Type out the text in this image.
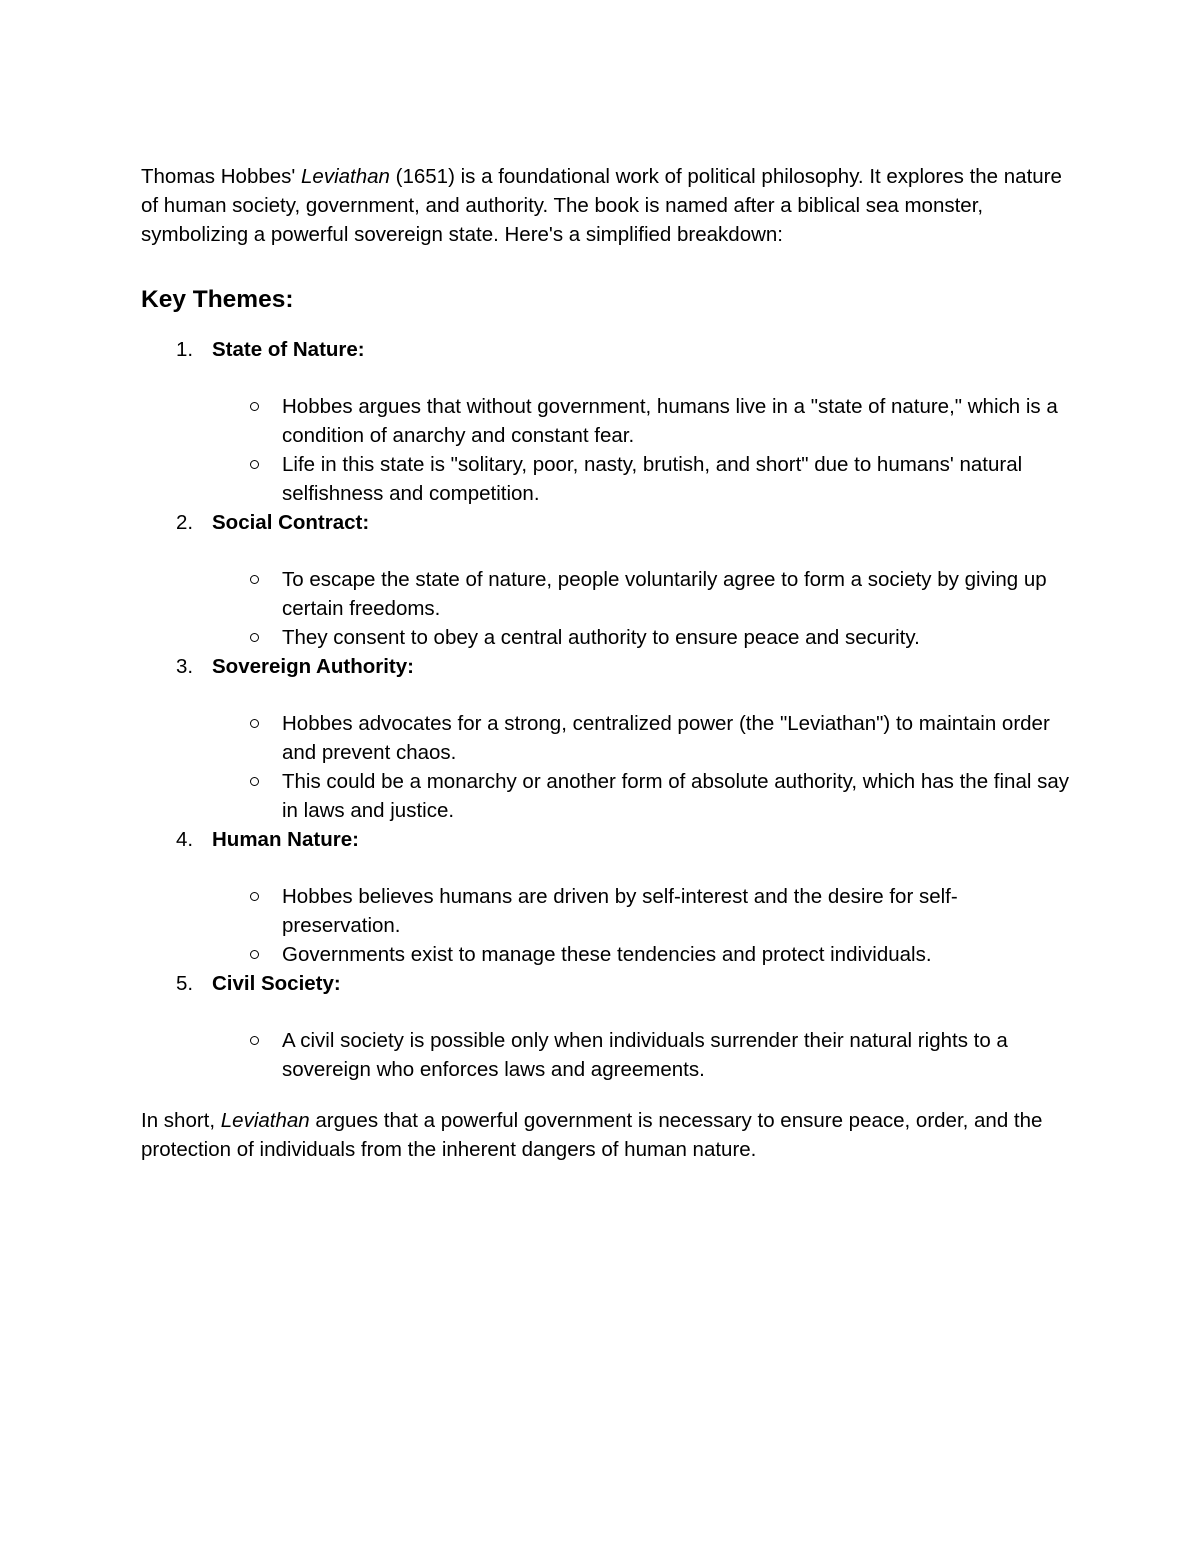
Thomas Hobbes' Leviathan (1651) is a foundational work of political philosophy. It explores the nature of human society, government, and authority. The book is named after a biblical sea monster, symbolizing a powerful sovereign state. Here's a simplified breakdown:

Key Themes:
1. State of Nature:
Hobbes argues that without government, humans live in a "state of nature," which is a condition of anarchy and constant fear.
Life in this state is "solitary, poor, nasty, brutish, and short" due to humans' natural selfishness and competition.
2. Social Contract:
To escape the state of nature, people voluntarily agree to form a society by giving up certain freedoms.
They consent to obey a central authority to ensure peace and security.
3. Sovereign Authority:
Hobbes advocates for a strong, centralized power (the "Leviathan") to maintain order and prevent chaos.
This could be a monarchy or another form of absolute authority, which has the final say in laws and justice.
4. Human Nature:
Hobbes believes humans are driven by self-interest and the desire for self-preservation.
Governments exist to manage these tendencies and protect individuals.
5. Civil Society:
A civil society is possible only when individuals surrender their natural rights to a sovereign who enforces laws and agreements.

In short, Leviathan argues that a powerful government is necessary to ensure peace, order, and the protection of individuals from the inherent dangers of human nature.
